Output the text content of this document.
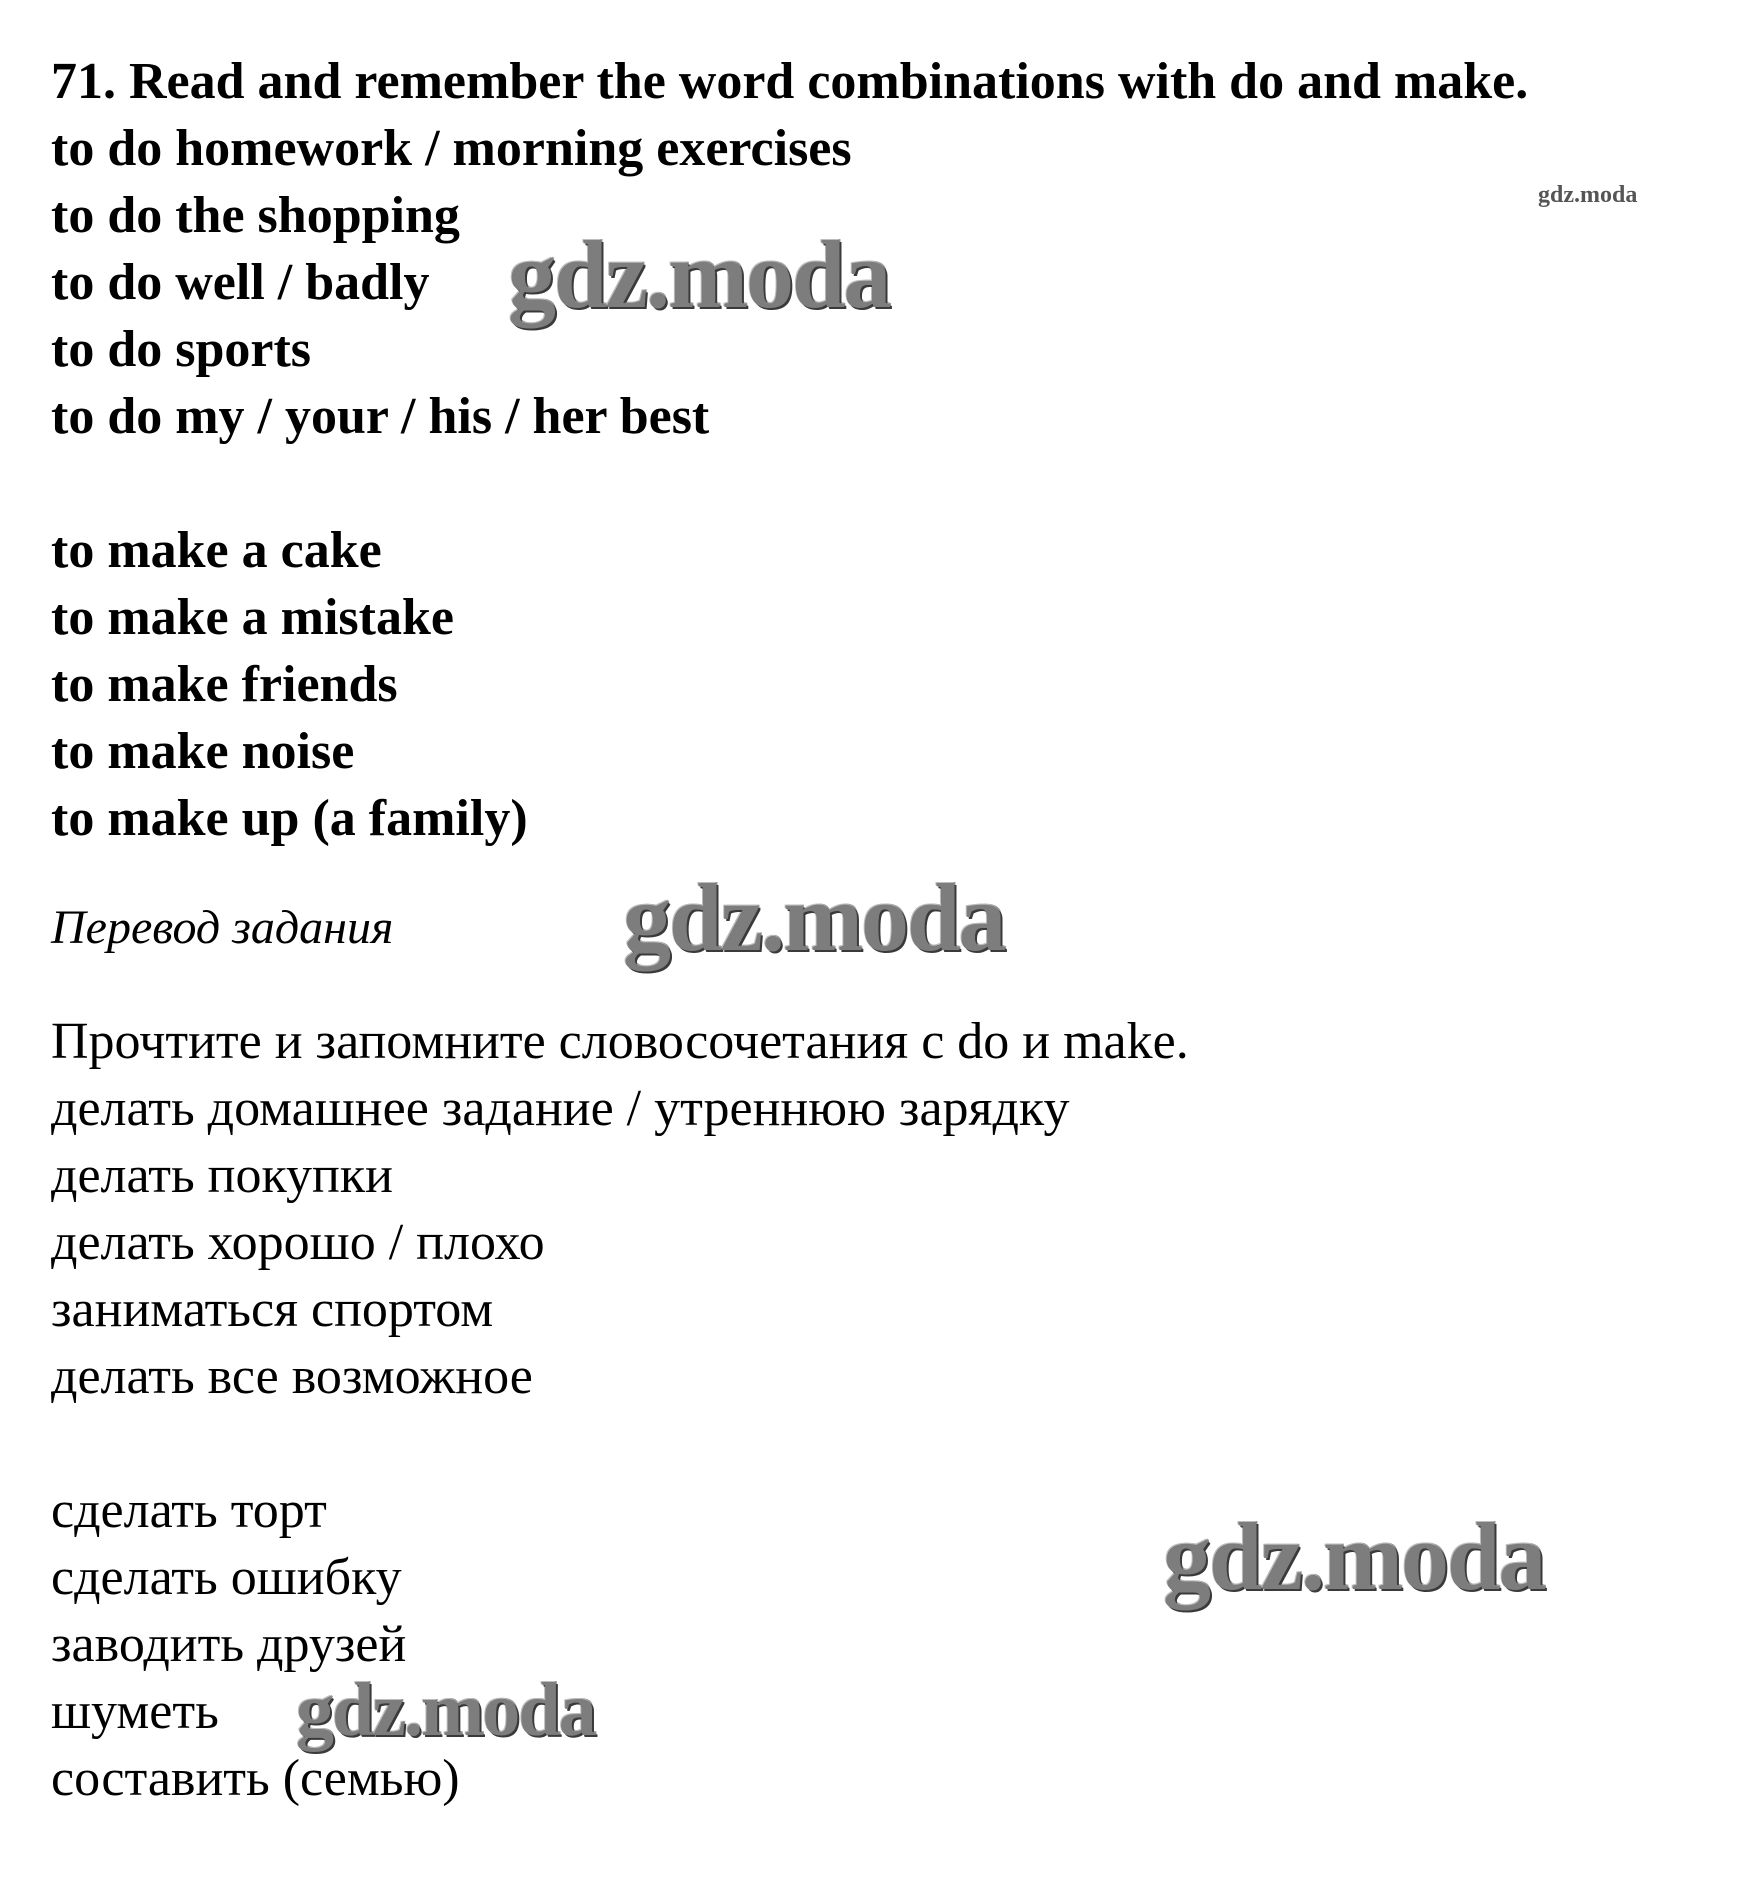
71. Read and remember the word combinations with do and make.
to do homework / morning exercises
to do the shopping
to do well / badly
to do sports
to do my / your / his / her best
to make a cake
to make a mistake
to make friends
to make noise
to make up (a family)
Перевод задания
Прочтите и запомните словосочетания с do и make.
делать домашнее задание / утреннюю зарядку
делать покупки
делать хорошо / плохо
заниматься спортом
делать все возможное
сделать торт
сделать ошибку
заводить друзей
шуметь
составить (семью)
gdz.moda
gdz.moda
gdz.moda
gdz.moda
gdz.moda
